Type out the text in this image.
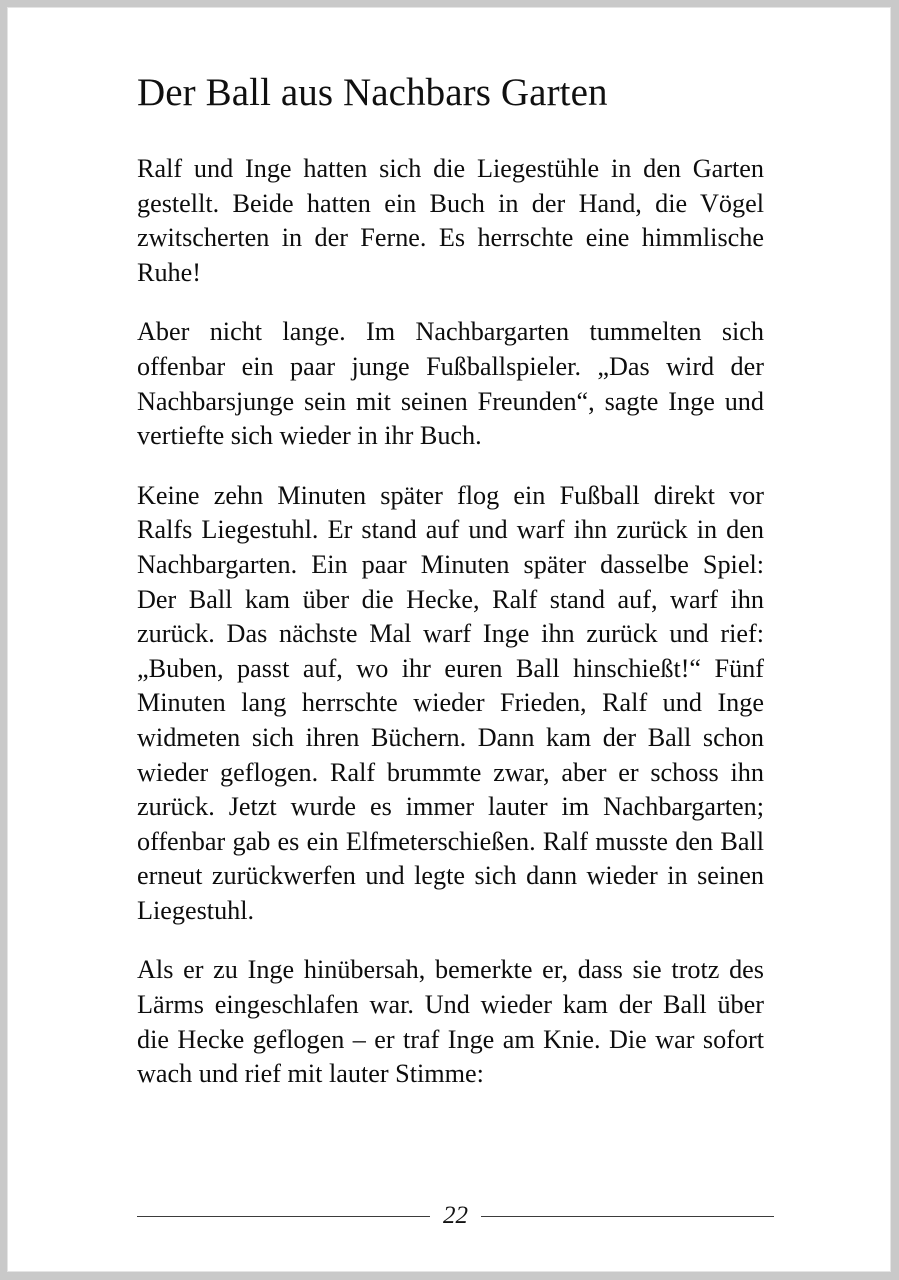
Der Ball aus Nachbars Garten

Ralf und Inge hatten sich die Liegestühle in den Garten gestellt. Beide hatten ein Buch in der Hand, die Vögel zwitscherten in der Ferne. Es herrschte eine himmlische Ruhe!

Aber nicht lange. Im Nachbargarten tummelten sich offenbar ein paar junge Fußballspieler. „Das wird der Nachbarsjunge sein mit seinen Freunden“, sagte Inge und vertiefte sich wieder in ihr Buch.

Keine zehn Minuten später flog ein Fußball direkt vor Ralfs Liegestuhl. Er stand auf und warf ihn zurück in den Nachbargarten. Ein paar Minuten später dasselbe Spiel: Der Ball kam über die Hecke, Ralf stand auf, warf ihn zurück. Das nächste Mal warf Inge ihn zurück und rief: „Buben, passt auf, wo ihr euren Ball hinschießt!“ Fünf Minuten lang herrschte wieder Frieden, Ralf und Inge widmeten sich ihren Büchern. Dann kam der Ball schon wieder geflogen. Ralf brummte zwar, aber er schoss ihn zurück. Jetzt wurde es immer lauter im Nachbargarten; offenbar gab es ein Elfmeterschießen. Ralf musste den Ball erneut zurückwerfen und legte sich dann wieder in seinen Liegestuhl.

Als er zu Inge hinübersah, bemerkte er, dass sie trotz des Lärms eingeschlafen war. Und wieder kam der Ball über die Hecke geflogen – er traf Inge am Knie. Die war sofort wach und rief mit lauter Stimme:

22
